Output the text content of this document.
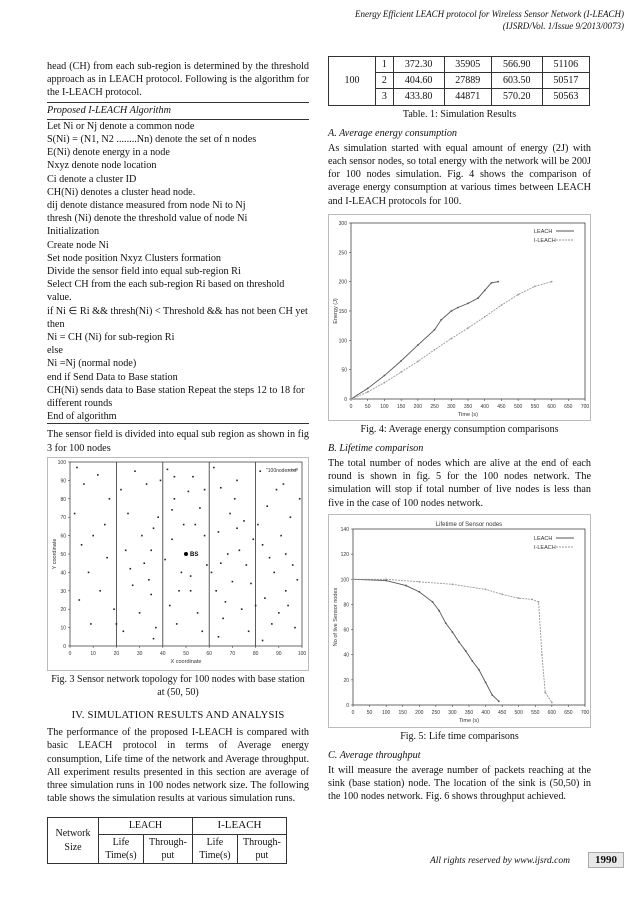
Energy Efficient LEACH protocol for Wireless Sensor Network (I-LEACH)
(IJSRD/Vol. 1/Issue 9/2013/0073)

head (CH) from each sub-region is determined by the threshold approach as in LEACH protocol. Following is the algorithm for the I-LEACH protocol.

Proposed I-LEACH Algorithm
Let Ni or Nj denote a common node
S(Ni) = (N1, N2 ........Nn) denote the set of n nodes
E(Ni) denote energy in a node
Nxyz denote node location
Ci denote a cluster ID
CH(Ni) denotes a cluster head node.
dij denote distance measured from node Ni to Nj
thresh (Ni) denote the threshold value of node Ni
Initialization
Create node Ni
Set node position Nxyz Clusters formation
Divide the sensor field into equal sub-region Ri
Select CH from the each sub-region Ri based on threshold value.
if Ni ∈ Ri && thresh(Ni) < Threshold && has not been CH yet then
Ni = CH (Ni) for sub-region Ri
else
Ni =Nj (normal node)
end if Send Data to Base station
CH(Ni) sends data to Base station Repeat the steps 12 to 18 for different rounds
End of algorithm

The sensor field is divided into equal sub region as shown in fig 3 for 100 nodes

0	10	20	30	40	50	60	70	80	90	100
0
10
20
30
40
50
60
70
80
90
100
X coordinate
Y coordinate	BS
"100nodes.txt"
Fig. 3 Sensor network topology for 100 nodes with base station at (50, 50)
IV. SIMULATION RESULTS AND ANALYSIS

The performance of the proposed I-LEACH is compared with basic LEACH protocol in terms of Average energy consumption, Life time of the network and Average throughput. All experiment results presented in this section are average of three simulation runs in 100 nodes network size. The following table shows the simulation results at various simulation runs.

Network Size	LEACH		I-LEACH	
	Life Time(s)	Through-put	Life Time(s)	Through-put
100	1	372.30	35905	566.90	51106
	2	404.60	27889	603.50	50517
	3	433.80	44871	570.20	50563
Table. 1: Simulation Results
A. Average energy consumption

As simulation started with equal amount of energy (2J) with each sensor nodes, so total energy with the network will be 200J for 100 nodes simulation. Fig. 4 shows the comparison of average energy consumption at various times between LEACH and I-LEACH protocols for 100.

0	50 100 150 200 250 300 350 400 450 500 550 600 650 700
0
50
100
150
200
250
300
Time (s)
Energy (J)
LEACH
I-LEACH
Fig. 4: Average energy consumption comparisons
B. Lifetime comparison

The total number of nodes which are alive at the end of each round is shown in fig. 5 for the 100 nodes network. The simulation will stop if total number of live nodes is less than five in the case of 100 nodes network.

0 50 100 150 200 250 300 350 400 450 500 550 600 650 700
0
20
40
60
80
100
120
140
Time (s)
No of live Sensor nodes
LEACH
I-LEACH
Lifetime of Sensor nodes
Fig. 5: Life time comparisons
C. Average throughput

It will measure the average number of packets reaching at the sink (base station) node. The location of the sink is (50,50) in the 100 nodes network. Fig. 6 shows throughput achieved.

All rights reserved by www.ijsrd.com	1990
